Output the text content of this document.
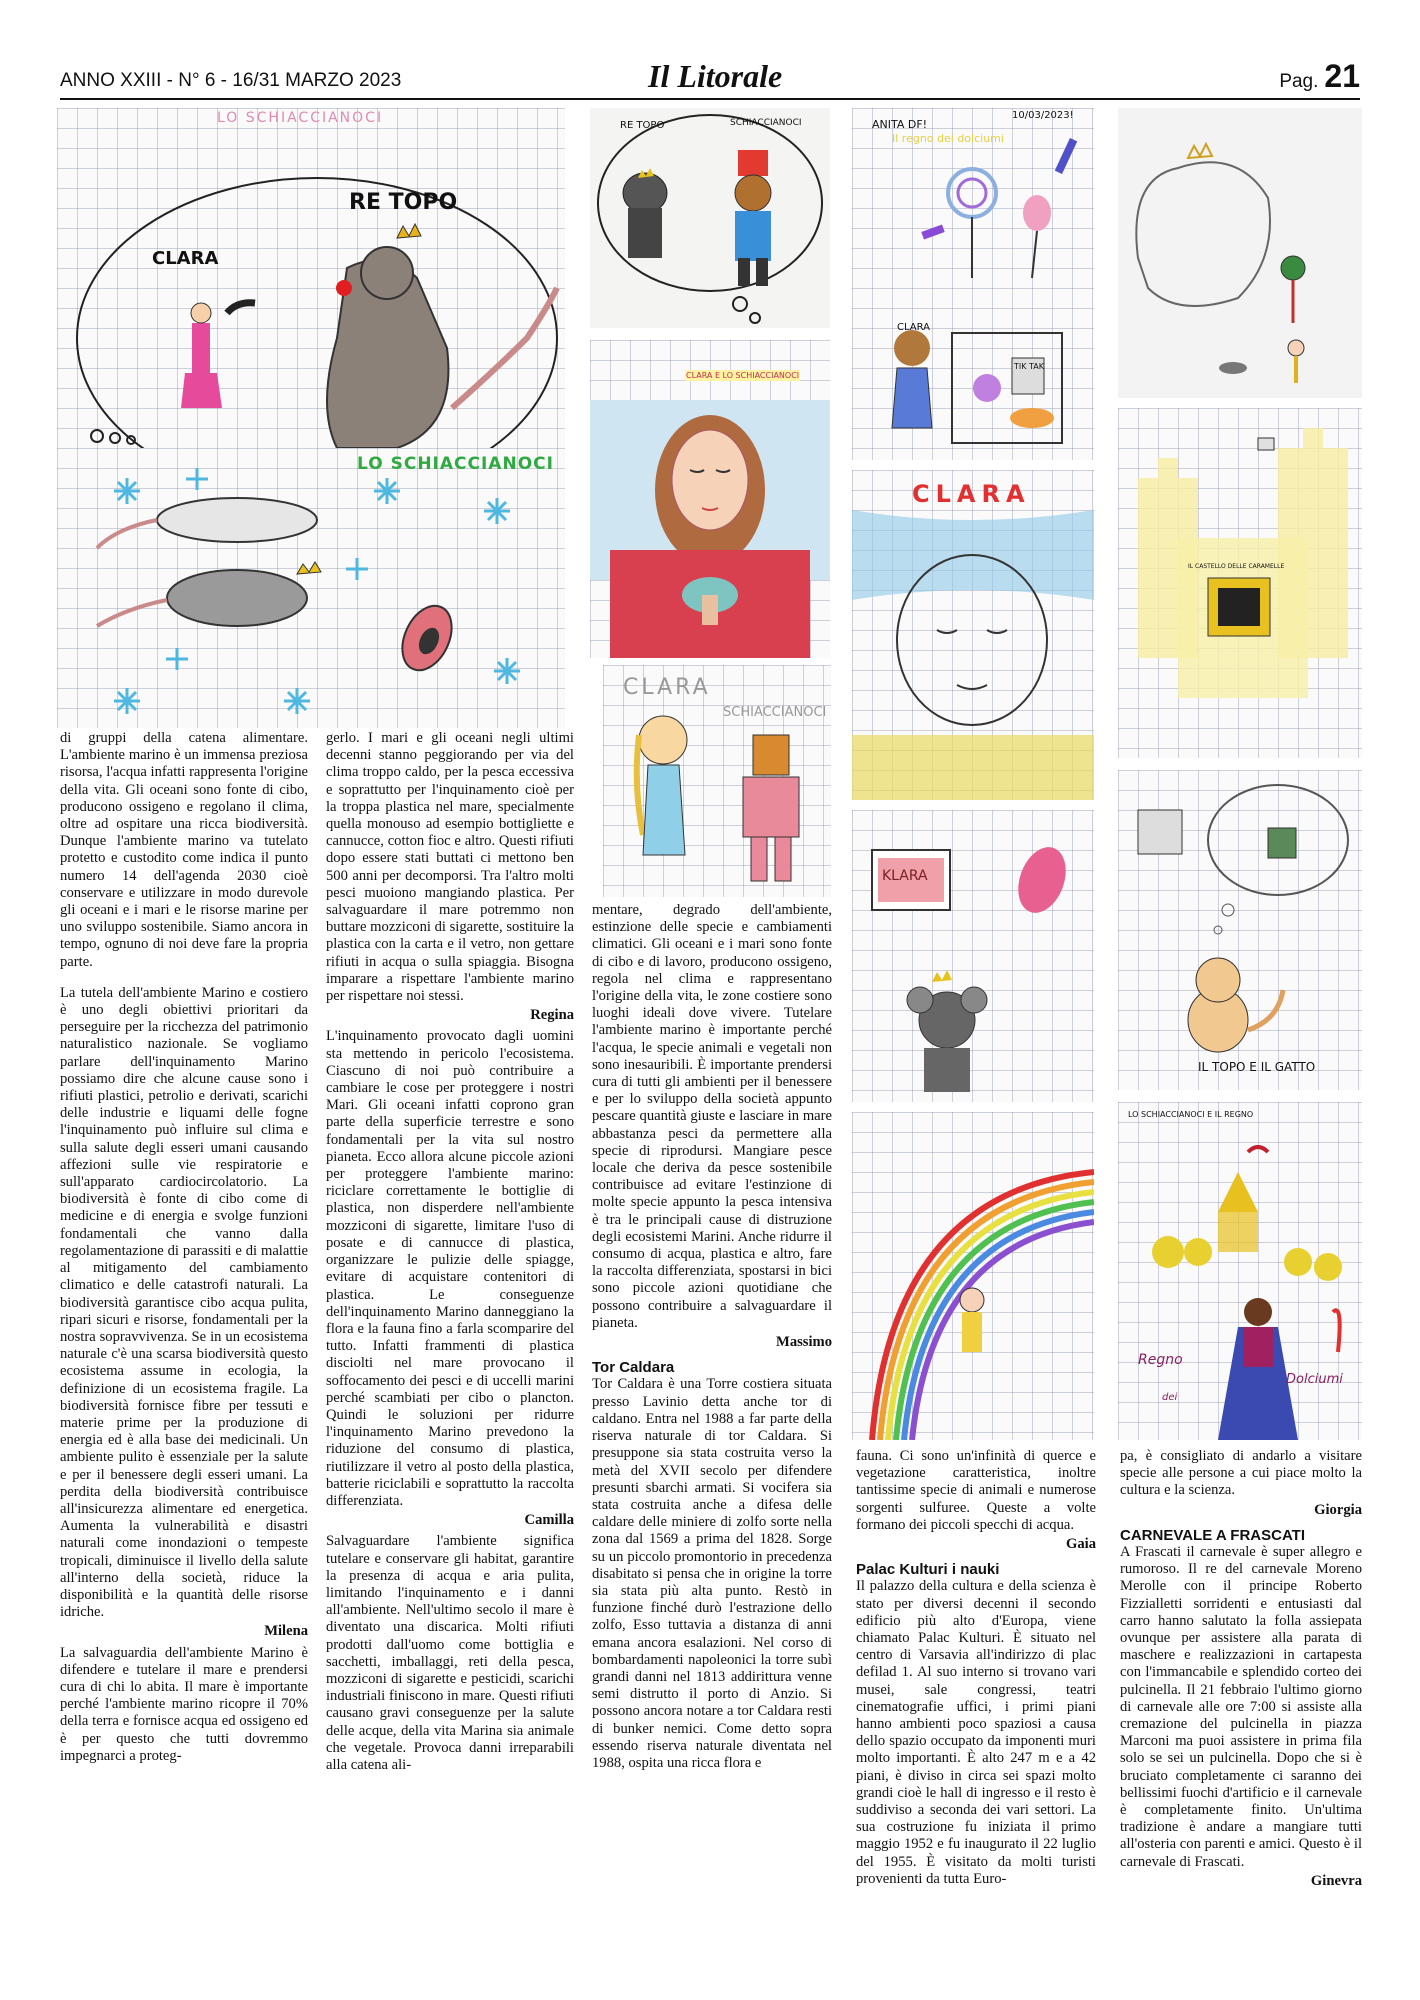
ANNO XXIII - N° 6 - 16/31 MARZO 2023	Il Litorale	Pag. 21
LO SCHIACCIANOCI
CLARA
RE TOPO
LO SCHIACCIANOCI
RE TOPO	SCHIACCIANOCI
CLARA E LO SCHIACCIANOCI
CLARA
SCHIACCIANOCI
ANITA DF!
10/03/2023!
Il regno dei dolciumi
CLARA
TIK TAK
CLARA
KLARA
IL CASTELLO DELLE CARAMELLE
IL TOPO E IL GATTO
LO SCHIACCIANOCI E IL REGNO
Regno
dei
Dolciumi

di gruppi della catena alimentare. L'ambiente marino è un immensa preziosa risorsa, l'acqua infatti rappresenta l'origine della vita. Gli oceani sono fonte di cibo, producono ossigeno e regolano il clima, oltre ad ospitare una ricca biodiversità. Dunque l'ambiente marino va tutelato protetto e custodito come indica il punto numero 14 dell'agenda 2030 cioè conservare e utilizzare in modo durevole gli oceani e i mari e le risorse marine per uno sviluppo sostenibile. Siamo ancora in tempo, ognuno di noi deve fare la propria parte.

La tutela dell'ambiente Marino e costiero è uno degli obiettivi prioritari da perseguire per la ricchezza del patrimonio naturalistico nazionale. Se vogliamo parlare dell'inquinamento Marino possiamo dire che alcune cause sono i rifiuti plastici, petrolio e derivati, scarichi delle industrie e liquami delle fogne l'inquinamento può influire sul clima e sulla salute degli esseri umani causando affezioni sulle vie respiratorie e sull'apparato cardiocircolatorio. La biodiversità è fonte di cibo come di medicine e di energia e svolge funzioni fondamentali che vanno dalla regolamentazione di parassiti e di malattie al mitigamento del cambiamento climatico e delle catastrofi naturali. La biodiversità garantisce cibo acqua pulita, ripari sicuri e risorse, fondamentali per la nostra sopravvivenza. Se in un ecosistema naturale c'è una scarsa biodiversità questo ecosistema assume in ecologia, la definizione di un ecosistema fragile. La biodiversità fornisce fibre per tessuti e materie prime per la produzione di energia ed è alla base dei medicinali. Un ambiente pulito è essenziale per la salute e per il benessere degli esseri umani. La perdita della biodiversità contribuisce all'insicurezza alimentare ed energetica. Aumenta la vulnerabilità e disastri naturali come inondazioni o tempeste tropicali, diminuisce il livello della salute all'interno della società, riduce la disponibilità e la quantità delle risorse idriche.

Milena

La salvaguardia dell'ambiente Marino è difendere e tutelare il mare e prendersi cura di chi lo abita. Il mare è importante perché l'ambiente marino ricopre il 70% della terra e fornisce acqua ed ossigeno ed è per questo che tutti dovremmo impegnarci a proteg-

gerlo. I mari e gli oceani negli ultimi decenni stanno peggiorando per via del clima troppo caldo, per la pesca eccessiva e soprattutto per l'inquinamento cioè per la troppa plastica nel mare, specialmente quella monouso ad esempio bottigliette e cannucce, cotton fioc e altro. Questi rifiuti dopo essere stati buttati ci mettono ben 500 anni per decomporsi. Tra l'altro molti pesci muoiono mangiando plastica. Per salvaguardare il mare potremmo non buttare mozziconi di sigarette, sostituire la plastica con la carta e il vetro, non gettare rifiuti in acqua o sulla spiaggia. Bisogna imparare a rispettare l'ambiente marino per rispettare noi stessi.

Regina

L'inquinamento provocato dagli uomini sta mettendo in pericolo l'ecosistema. Ciascuno di noi può contribuire a cambiare le cose per proteggere i nostri Mari. Gli oceani infatti coprono gran parte della superficie terrestre e sono fondamentali per la vita sul nostro pianeta. Ecco allora alcune piccole azioni per proteggere l'ambiente marino: riciclare correttamente le bottiglie di plastica, non disperdere nell'ambiente mozziconi di sigarette, limitare l'uso di posate e di cannucce di plastica, organizzare le pulizie delle spiagge, evitare di acquistare contenitori di plastica. Le conseguenze dell'inquinamento Marino danneggiano la flora e la fauna fino a farla scomparire del tutto. Infatti frammenti di plastica disciolti nel mare provocano il soffocamento dei pesci e di uccelli marini perché scambiati per cibo o plancton. Quindi le soluzioni per ridurre l'inquinamento Marino prevedono la riduzione del consumo di plastica, riutilizzare il vetro al posto della plastica, batterie riciclabili e soprattutto la raccolta differenziata.

Camilla

Salvaguardare l'ambiente significa tutelare e conservare gli habitat, garantire la presenza di acqua e aria pulita, limitando l'inquinamento e i danni all'ambiente. Nell'ultimo secolo il mare è diventato una discarica. Molti rifiuti prodotti dall'uomo come bottiglia e sacchetti, imballaggi, reti della pesca, mozziconi di sigarette e pesticidi, scarichi industriali finiscono in mare. Questi rifiuti causano gravi conseguenze per la salute delle acque, della vita Marina sia animale che vegetale. Provoca danni irreparabili alla catena ali-

mentare, degrado dell'ambiente, estinzione delle specie e cambiamenti climatici. Gli oceani e i mari sono fonte di cibo e di lavoro, producono ossigeno, regola nel clima e rappresentano l'origine della vita, le zone costiere sono luoghi ideali dove vivere. Tutelare l'ambiente marino è importante perché l'acqua, le specie animali e vegetali non sono inesauribili. È importante prendersi cura di tutti gli ambienti per il benessere e per lo sviluppo della società appunto pescare quantità giuste e lasciare in mare abbastanza pesci da permettere alla specie di riprodursi. Mangiare pesce locale che deriva da pesce sostenibile contribuisce ad evitare l'estinzione di molte specie appunto la pesca intensiva è tra le principali cause di distruzione degli ecosistemi Marini. Anche ridurre il consumo di acqua, plastica e altro, fare la raccolta differenziata, spostarsi in bici sono piccole azioni quotidiane che possono contribuire a salvaguardare il pianeta.

Massimo

Tor Caldara

Tor Caldara è una Torre costiera situata presso Lavinio detta anche tor di caldano. Entra nel 1988 a far parte della riserva naturale di tor Caldara. Si presuppone sia stata costruita verso la metà del XVII secolo per difendere presunti sbarchi armati. Si vocifera sia stata costruita anche a difesa delle caldare delle miniere di zolfo sorte nella zona dal 1569 a prima del 1828. Sorge su un piccolo promontorio in precedenza disabitato si pensa che in origine la torre sia stata più alta punto. Restò in funzione finché durò l'estrazione dello zolfo, Esso tuttavia a distanza di anni emana ancora esalazioni. Nel corso di bombardamenti napoleonici la torre subì grandi danni nel 1813 addirittura venne semi distrutto il porto di Anzio. Si possono ancora notare a tor Caldara resti di bunker nemici. Come detto sopra essendo riserva naturale diventata nel 1988, ospita una ricca flora e

fauna. Ci sono un'infinità di querce e vegetazione caratteristica, inoltre tantissime specie di animali e numerose sorgenti sulfuree. Queste a volte formano dei piccoli specchi di acqua.

Gaia

Palac Kulturi i nauki

Il palazzo della cultura e della scienza è stato per diversi decenni il secondo edificio più alto d'Europa, viene chiamato Palac Kulturi. È situato nel centro di Varsavia all'indirizzo di plac defilad 1. Al suo interno si trovano vari musei, sale congressi, teatri cinematografie uffici, i primi piani hanno ambienti poco spaziosi a causa dello spazio occupato da imponenti muri molto importanti. È alto 247 m e a 42 piani, è diviso in circa sei spazi molto grandi cioè le hall di ingresso e il resto è suddiviso a seconda dei vari settori. La sua costruzione fu iniziata il primo maggio 1952 e fu inaugurato il 22 luglio del 1955. È visitato da molti turisti provenienti da tutta Euro-

pa, è consigliato di andarlo a visitare specie alle persone a cui piace molto la cultura e la scienza.

Giorgia

CARNEVALE A FRASCATI

A Frascati il carnevale è super allegro e rumoroso. Il re del carnevale Moreno Merolle con il principe Roberto Fizzialletti sorridenti e entusiasti dal carro hanno salutato la folla assiepata ovunque per assistere alla parata di maschere e realizzazioni in cartapesta con l'immancabile e splendido corteo dei pulcinella. Il 21 febbraio l'ultimo giorno di carnevale alle ore 7:00 si assiste alla cremazione del pulcinella in piazza Marconi ma puoi assistere in prima fila solo se sei un pulcinella. Dopo che si è bruciato completamente ci saranno dei bellissimi fuochi d'artificio e il carnevale è completamente finito. Un'ultima tradizione è andare a mangiare tutti all'osteria con parenti e amici. Questo è il carnevale di Frascati.

Ginevra
